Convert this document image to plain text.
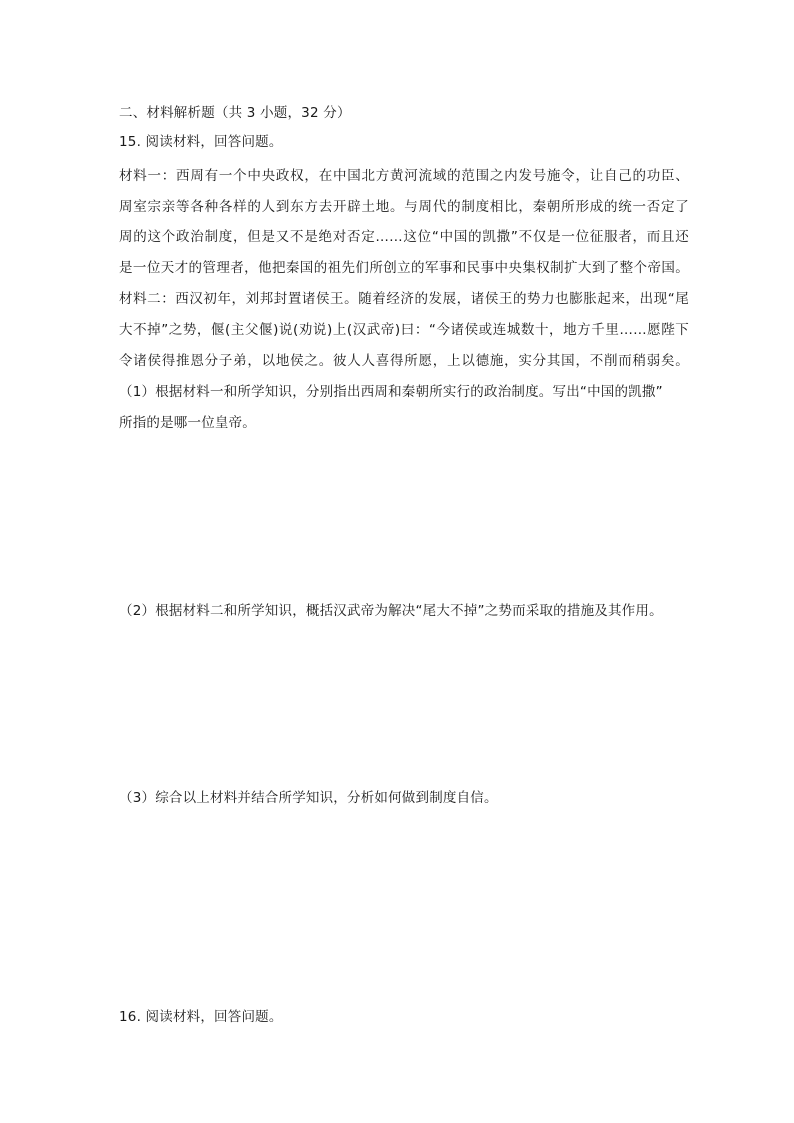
二、材料解析题（共 3 小题，32 分）
15. 阅读材料，回答问题。
材料一：西周有一个中央政权，在中国北方黄河流域的范围之内发号施令，让自己的功臣、
周室宗亲等各种各样的人到东方去开辟土地。与周代的制度相比，秦朝所形成的统一否定了
周的这个政治制度，但是又不是绝对否定……这位“中国的凯撒”不仅是一位征服者，而且还
是一位天才的管理者，他把秦国的祖先们所创立的军事和民事中央集权制扩大到了整个帝国。
材料二：西汉初年，刘邦封置诸侯王。随着经济的发展，诸侯王的势力也膨胀起来，出现“尾
大不掉”之势，偃(主父偃)说(劝说)上(汉武帝)曰：“今诸侯或连城数十，地方千里……愿陛下
令诸侯得推恩分子弟，以地侯之。彼人人喜得所愿，上以德施，实分其国，不削而稍弱矣。
（1）根据材料一和所学知识，分别指出西周和秦朝所实行的政治制度。写出“中国的凯撒”
所指的是哪一位皇帝。
（2）根据材料二和所学知识，概括汉武帝为解决“尾大不掉”之势而采取的措施及其作用。
（3）综合以上材料并结合所学知识，分析如何做到制度自信。
16. 阅读材料，回答问题。
